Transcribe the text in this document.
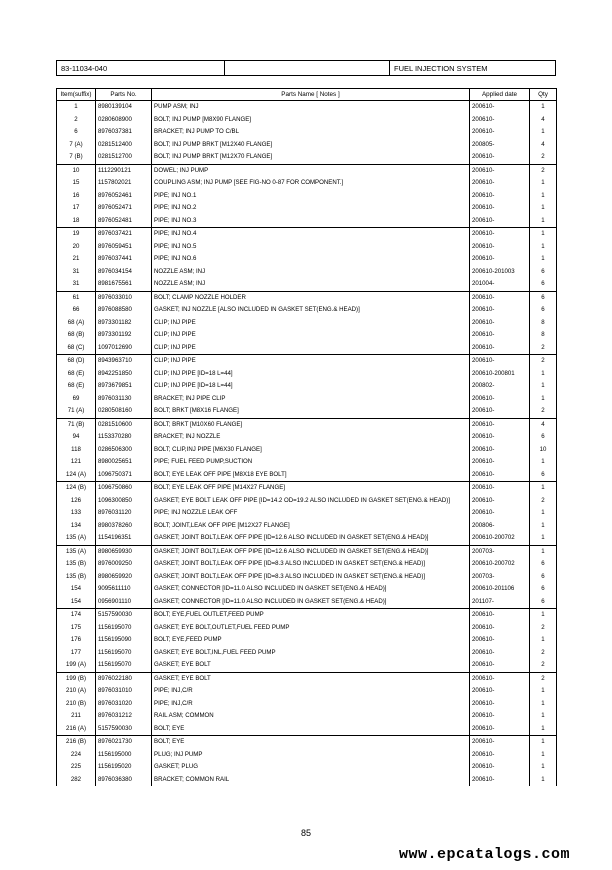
83-11034-040	FUEL INJECTION SYSTEM
Item(suffix)	Parts No.	Parts Name [ Notes ]	Applied date	Qty
1	8980139104	PUMP ASM; INJ	200610-	1
2	0280608900	BOLT; INJ PUMP [M8X90 FLANGE]	200610-	4
6	8976037381	BRACKET; INJ PUMP TO C/BL	200610-	1
7 (A)	0281512400	BOLT; INJ PUMP BRKT [M12X40 FLANGE]	200805-	4
7 (B)	0281512700	BOLT; INJ PUMP BRKT [M12X70 FLANGE]	200610-	2
10	1112290121	DOWEL; INJ PUMP	200610-	2
15	1157802021	COUPLING ASM; INJ PUMP [SEE FIG-NO 0-87 FOR COMPONENT.]	200610-	1
16	8976052461	PIPE; INJ NO.1	200610-	1
17	8976052471	PIPE; INJ NO.2	200610-	1
18	8976052481	PIPE; INJ NO.3	200610-	1
19	8976037421	PIPE; INJ NO.4	200610-	1
20	8976059451	PIPE; INJ NO.5	200610-	1
21	8976037441	PIPE; INJ NO.6	200610-	1
31	8976034154	NOZZLE ASM; INJ	200610-201003	6
31	8981675561	NOZZLE ASM; INJ	201004-	6
61	8976033010	BOLT; CLAMP NOZZLE HOLDER	200610-	6
66	8976088580	GASKET; INJ NOZZLE [ALSO INCLUDED IN GASKET SET(ENG.& HEAD)]	200610-	6
68 (A)	8973301182	CLIP; INJ PIPE	200610-	8
68 (B)	8973301192	CLIP; INJ PIPE	200610-	8
68 (C)	1097012690	CLIP; INJ PIPE	200610-	2
68 (D)	8943963710	CLIP; INJ PIPE	200610-	2
68 (E)	8942251850	CLIP; INJ PIPE [ID=18 L=44]	200610-200801	1
68 (E)	8973679851	CLIP; INJ PIPE [ID=18 L=44]	200802-	1
69	8976031130	BRACKET; INJ PIPE CLIP	200610-	1
71 (A)	0280508160	BOLT; BRKT [M8X16 FLANGE]	200610-	2
71 (B)	0281510600	BOLT; BRKT [M10X60 FLANGE]	200610-	4
94	1153370280	BRACKET; INJ NOZZLE	200610-	6
118	0286506300	BOLT; CLIP,INJ PIPE [M6X30 FLANGE]	200610-	10
121	8980025651	PIPE; FUEL FEED PUMP,SUCTION	200610-	1
124 (A)	1096750371	BOLT; EYE LEAK OFF PIPE [M8X18 EYE BOLT]	200610-	6
124 (B)	1096750860	BOLT; EYE LEAK OFF PIPE [M14X27 FLANGE]	200610-	1
126	1096300850	GASKET; EYE BOLT LEAK OFF PIPE [ID=14.2 OD=19.2 ALSO INCLUDED IN GASKET SET(ENG.& HEAD)]	200610-	2
133	8976031120	PIPE; INJ NOZZLE LEAK OFF	200610-	1
134	8980378260	BOLT; JOINT,LEAK OFF PIPE [M12X27 FLANGE]	200806-	1
135 (A)	1154196351	GASKET; JOINT BOLT,LEAK OFF PIPE [ID=12.6 ALSO INCLUDED IN GASKET SET(ENG.& HEAD)]	200610-200702	1
135 (A)	8980659930	GASKET; JOINT BOLT,LEAK OFF PIPE [ID=12.6 ALSO INCLUDED IN GASKET SET(ENG.& HEAD)]	200703-	1
135 (B)	8976009250	GASKET; JOINT BOLT,LEAK OFF PIPE [ID=8.3 ALSO INCLUDED IN GASKET SET(ENG.& HEAD)]	200610-200702	6
135 (B)	8980659920	GASKET; JOINT BOLT,LEAK OFF PIPE [ID=8.3 ALSO INCLUDED IN GASKET SET(ENG.& HEAD)]	200703-	6
154	9095611110	GASKET; CONNECTOR [ID=11.0 ALSO INCLUDED IN GASKET SET(ENG.& HEAD)]	200610-201106	6
154	0956901110	GASKET; CONNECTOR [ID=11.0 ALSO INCLUDED IN GASKET SET(ENG.& HEAD)]	201107-	6
174	5157590030	BOLT; EYE,FUEL OUTLET,FEED PUMP	200610-	1
175	1156195070	GASKET; EYE BOLT,OUTLET,FUEL FEED PUMP	200610-	2
176	1156195090	BOLT; EYE,FEED PUMP	200610-	1
177	1156195070	GASKET; EYE BOLT,INL,FUEL FEED PUMP	200610-	2
199 (A)	1156195070	GASKET; EYE BOLT	200610-	2
199 (B)	8976022180	GASKET; EYE BOLT	200610-	2
210 (A)	8976031010	PIPE; INJ,C/R	200610-	1
210 (B)	8976031020	PIPE; INJ,C/R	200610-	1
211	8976031212	RAIL ASM; COMMON	200610-	1
216 (A)	5157590030	BOLT; EYE	200610-	1
216 (B)	8976021730	BOLT; EYE	200610-	1
224	1156195000	PLUG; INJ PUMP	200610-	1
225	1156195020	GASKET; PLUG	200610-	1
282	8976036380	BRACKET; COMMON RAIL	200610-	1
85
www.epcatalogs.com
